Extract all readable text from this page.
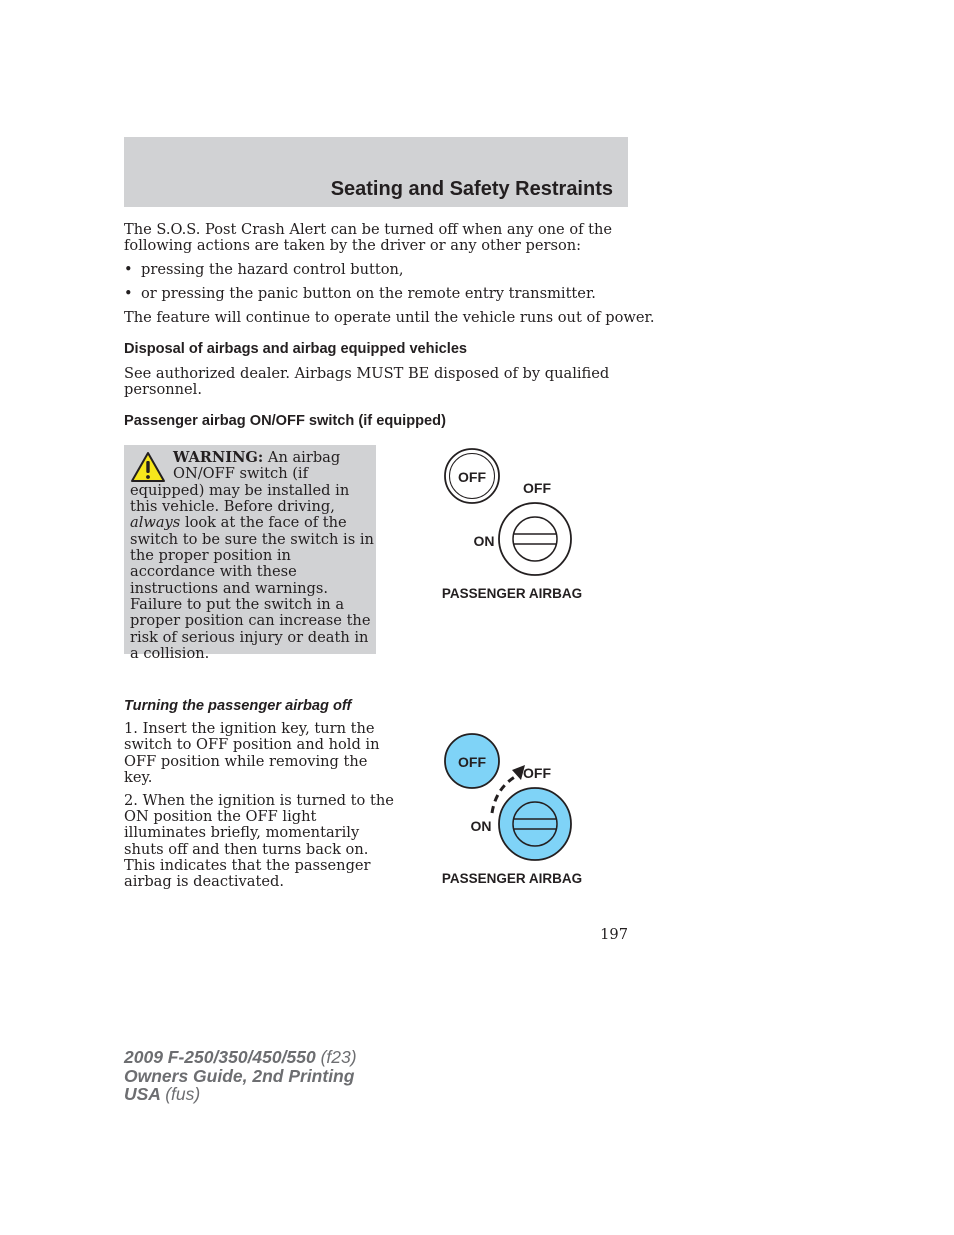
Seating and Safety Restraints

The S.O.S. Post Crash Alert can be turned off when any one of the

following actions are taken by the driver or any other person:

• pressing the hazard control button,

• or pressing the panic button on the remote entry transmitter.

The feature will continue to operate until the vehicle runs out of power.

Disposal of airbags and airbag equipped vehicles

See authorized dealer. Airbags MUST BE disposed of by qualified

personnel.

Passenger airbag ON/OFF switch (if equipped)

WARNING: An airbag ON/OFF switch (if equipped) may be installed in this vehicle. Before driving, always look at the face of the switch to be sure the switch is in the proper position in accordance with these instructions and warnings. Failure to put the switch in a proper position can increase the risk of serious injury or death in a collision.

OFF
OFF
ON
PASSENGER AIRBAG
Turning the passenger airbag off

1. Insert the ignition key, turn the

switch to OFF position and hold in

OFF position while removing the

key.

2. When the ignition is turned to the

ON position the OFF light

illuminates briefly, momentarily

shuts off and then turns back on.

This indicates that the passenger

airbag is deactivated.

OFF
OFF
ON
PASSENGER AIRBAG

197

2009 F-250/350/450/550 (f23)
Owners Guide, 2nd Printing
USA (fus)
